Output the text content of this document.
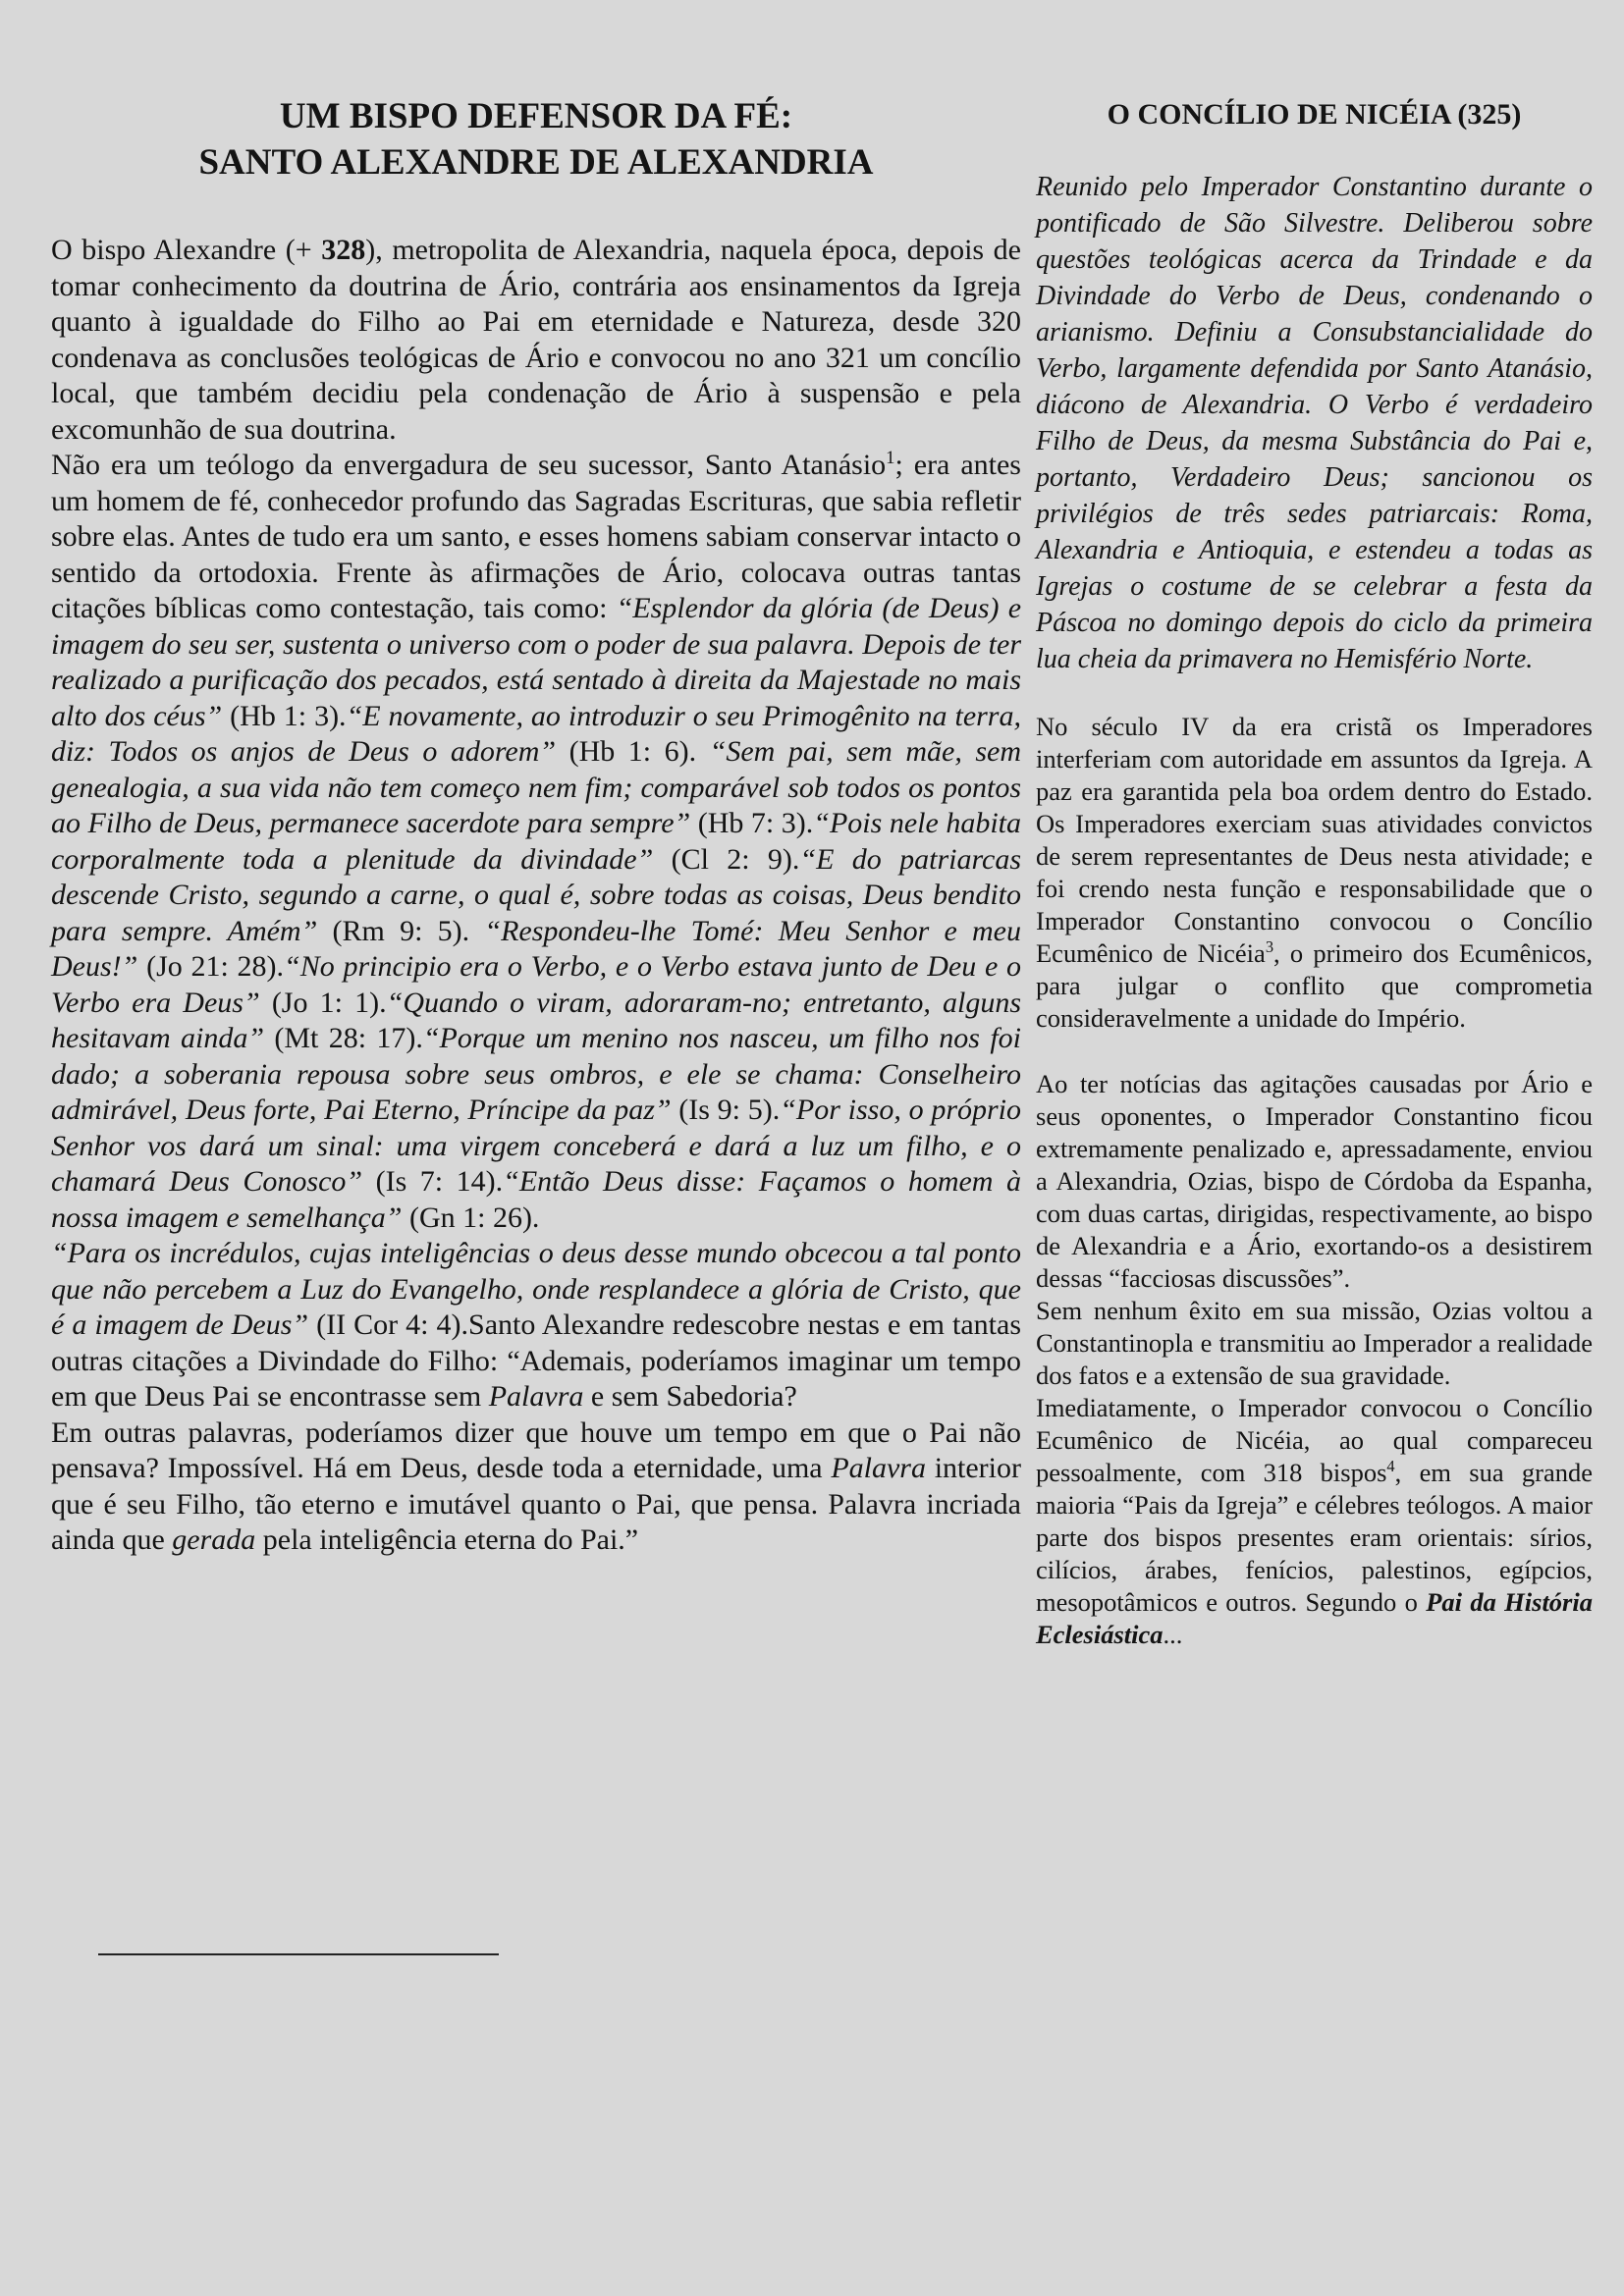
UM BISPO DEFENSOR DA FÉ:
SANTO ALEXANDRE DE ALEXANDRIA

O bispo Alexandre (+ 328), metropolita de Alexandria, naquela época, depois de tomar conhecimento da doutrina de Ário, contrária aos ensinamentos da Igreja quanto à igualdade do Filho ao Pai em eternidade e Natureza, desde 320 condenava as conclusões teológicas de Ário e convocou no ano 321 um concílio local, que também decidiu pela condenação de Ário à suspensão e pela excomunhão de sua doutrina.

Não era um teólogo da envergadura de seu sucessor, Santo Atanásio$^1$; era antes um homem de fé, conhecedor profundo das Sagradas Escrituras, que sabia refletir sobre elas. Antes de tudo era um santo, e esses homens sabiam conservar intacto o sentido da ortodoxia. Frente às afirmações de Ário, colocava outras tantas citações bíblicas como contestação, tais como: “Esplendor da glória (de Deus) e imagem do seu ser, sustenta o universo com o poder de sua palavra. Depois de ter realizado a purificação dos pecados, está sentado à direita da Majestade no mais alto dos céus” (Hb 1: 3).“E novamente, ao introduzir o seu Primogênito na terra, diz: Todos os anjos de Deus o adorem” (Hb 1: 6). “Sem pai, sem mãe, sem genealogia, a sua vida não tem começo nem fim; comparável sob todos os pontos ao Filho de Deus, permanece sacerdote para sempre” (Hb 7: 3).“Pois nele habita corporalmente toda a plenitude da divindade” (Cl 2: 9).“E do patriarcas descende Cristo, segundo a carne, o qual é, sobre todas as coisas, Deus bendito para sempre. Amém” (Rm 9: 5). “Respondeu-lhe Tomé: Meu Senhor e meu Deus!” (Jo 21: 28).“No principio era o Verbo, e o Verbo estava junto de Deu e o Verbo era Deus” (Jo 1: 1).“Quando o viram, adoraram-no; entretanto, alguns hesitavam ainda” (Mt 28: 17).“Porque um menino nos nasceu, um filho nos foi dado; a soberania repousa sobre seus ombros, e ele se chama: Conselheiro admirável, Deus forte, Pai Eterno, Príncipe da paz” (Is 9: 5).“Por isso, o próprio Senhor vos dará um sinal: uma virgem conceberá e dará a luz um filho, e o chamará Deus Conosco” (Is 7: 14).“Então Deus disse: Façamos o homem à nossa imagem e semelhança” (Gn 1: 26).

“Para os incrédulos, cujas inteligências o deus desse mundo obcecou a tal ponto que não percebem a Luz do Evangelho, onde resplandece a glória de Cristo, que é a imagem de Deus” (II Cor 4: 4).Santo Alexandre redescobre nestas e em tantas outras citações a Divindade do Filho: “Ademais, poderíamos imaginar um tempo em que Deus Pai se encontrasse sem Palavra e sem Sabedoria?

Em outras palavras, poderíamos dizer que houve um tempo em que o Pai não pensava? Impossível. Há em Deus, desde toda a eternidade, uma Palavra interior que é seu Filho, tão eterno e imutável quanto o Pai, que pensa. Palavra incriada ainda que gerada pela inteligência eterna do Pai.”

O CONCÍLIO DE NICÉIA (325)

Reunido pelo Imperador Constantino durante o pontificado de São Silvestre. Deliberou sobre questões teológicas acerca da Trindade e da Divindade do Verbo de Deus, condenando o arianismo. Definiu a Consubstancialidade do Verbo, largamente defendida por Santo Atanásio, diácono de Alexandria. O Verbo é verdadeiro Filho de Deus, da mesma Substância do Pai e, portanto, Verdadeiro Deus; sancionou os privilégios de três sedes patriarcais: Roma, Alexandria e Antioquia, e estendeu a todas as Igrejas o costume de se celebrar a festa da Páscoa no domingo depois do ciclo da primeira lua cheia da primavera no Hemisfério Norte.

No século IV da era cristã os Imperadores interferiam com autoridade em assuntos da Igreja. A paz era garantida pela boa ordem dentro do Estado. Os Imperadores exerciam suas atividades convictos de serem representantes de Deus nesta atividade; e foi crendo nesta função e responsabilidade que o Imperador Constantino convocou o Concílio Ecumênico de Nicéia$^3$, o primeiro dos Ecumênicos, para julgar o conflito que comprometia consideravelmente a unidade do Império.

Ao ter notícias das agitações causadas por Ário e seus oponentes, o Imperador Constantino ficou extremamente penalizado e, apressadamente, enviou a Alexandria, Ozias, bispo de Córdoba da Espanha, com duas cartas, dirigidas, respectivamente, ao bispo de Alexandria e a Ário, exortando-os a desistirem dessas “facciosas discussões”.

Sem nenhum êxito em sua missão, Ozias voltou a Constantinopla e transmitiu ao Imperador a realidade dos fatos e a extensão de sua gravidade.

Imediatamente, o Imperador convocou o Concílio Ecumênico de Nicéia, ao qual compareceu pessoalmente, com 318 bispos$^4$, em sua grande maioria “Pais da Igreja” e célebres teólogos. A maior parte dos bispos presentes eram orientais: sírios, cilícios, árabes, fenícios, palestinos, egípcios, mesopotâmicos e outros. Segundo o Pai da História Eclesiástica...
